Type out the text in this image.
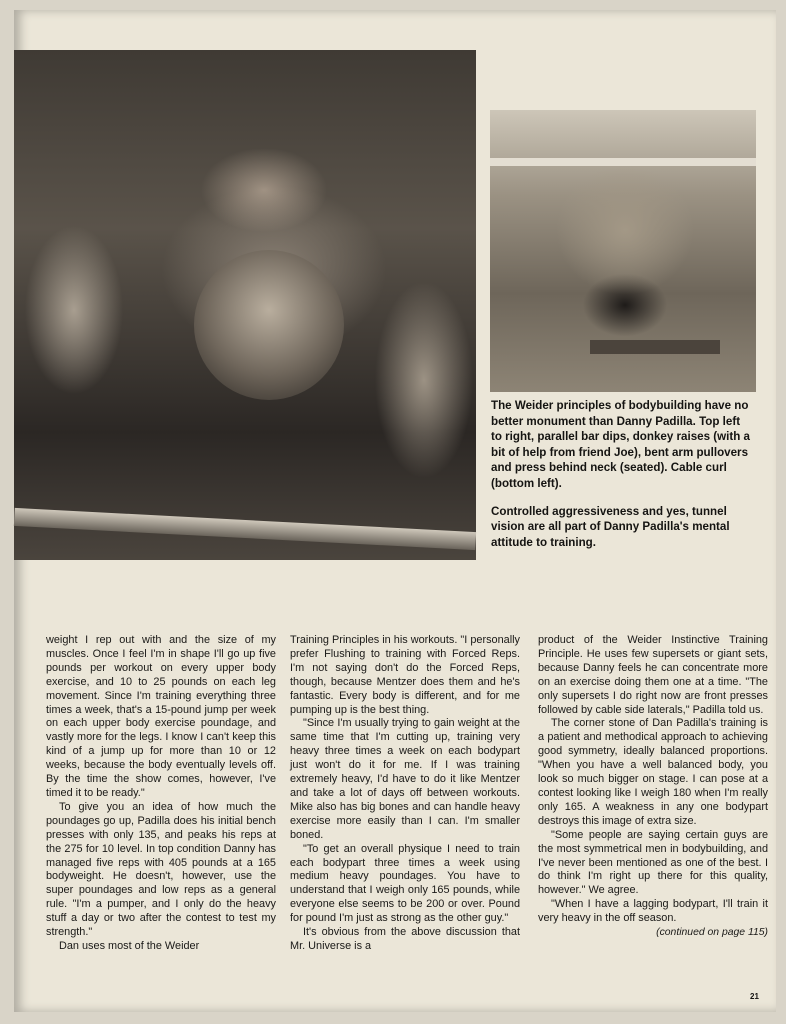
The Weider principles of bodybuilding have no better monument than Danny Padilla. Top left to right, parallel bar dips, donkey raises (with a bit of help from friend Joe), bent arm pullovers and press behind neck (seated). Cable curl (bottom left).

Controlled aggressiveness and yes, tunnel vision are all part of Danny Padilla's mental attitude to training.

weight I rep out with and the size of my muscles. Once I feel I'm in shape I'll go up five pounds per workout on every upper body exercise, and 10 to 25 pounds on each leg movement. Since I'm training everything three times a week, that's a 15-pound jump per week on each upper body exercise poundage, and vastly more for the legs. I know I can't keep this kind of a jump up for more than 10 or 12 weeks, because the body eventually levels off. By the time the show comes, however, I've timed it to be ready."

To give you an idea of how much the poundages go up, Padilla does his initial bench presses with only 135, and peaks his reps at the 275 for 10 level. In top condition Danny has managed five reps with 405 pounds at a 165 bodyweight. He doesn't, however, use the super poundages and low reps as a general rule. "I'm a pumper, and I only do the heavy stuff a day or two after the contest to test my strength."

Dan uses most of the Weider

Training Principles in his workouts. "I personally prefer Flushing to training with Forced Reps. I'm not saying don't do the Forced Reps, though, because Mentzer does them and he's fantastic. Every body is different, and for me pumping up is the best thing.

"Since I'm usually trying to gain weight at the same time that I'm cutting up, training very heavy three times a week on each bodypart just won't do it for me. If I was training extremely heavy, I'd have to do it like Mentzer and take a lot of days off between workouts. Mike also has big bones and can handle heavy exercise more easily than I can. I'm smaller boned.

"To get an overall physique I need to train each bodypart three times a week using medium heavy poundages. You have to understand that I weigh only 165 pounds, while everyone else seems to be 200 or over. Pound for pound I'm just as strong as the other guy."

It's obvious from the above discussion that Mr. Universe is a

product of the Weider Instinctive Training Principle. He uses few supersets or giant sets, because Danny feels he can concentrate more on an exercise doing them one at a time. "The only supersets I do right now are front presses followed by cable side laterals," Padilla told us.

The corner stone of Dan Padilla's training is a patient and methodical approach to achieving good symmetry, ideally balanced proportions. "When you have a well balanced body, you look so much bigger on stage. I can pose at a contest looking like I weigh 180 when I'm really only 165. A weakness in any one bodypart destroys this image of extra size.

"Some people are saying certain guys are the most symmetrical men in bodybuilding, and I've never been mentioned as one of the best. I do think I'm right up there for this quality, however." We agree.

"When I have a lagging bodypart, I'll train it very heavy in the off season.

(continued on page 115)

21
